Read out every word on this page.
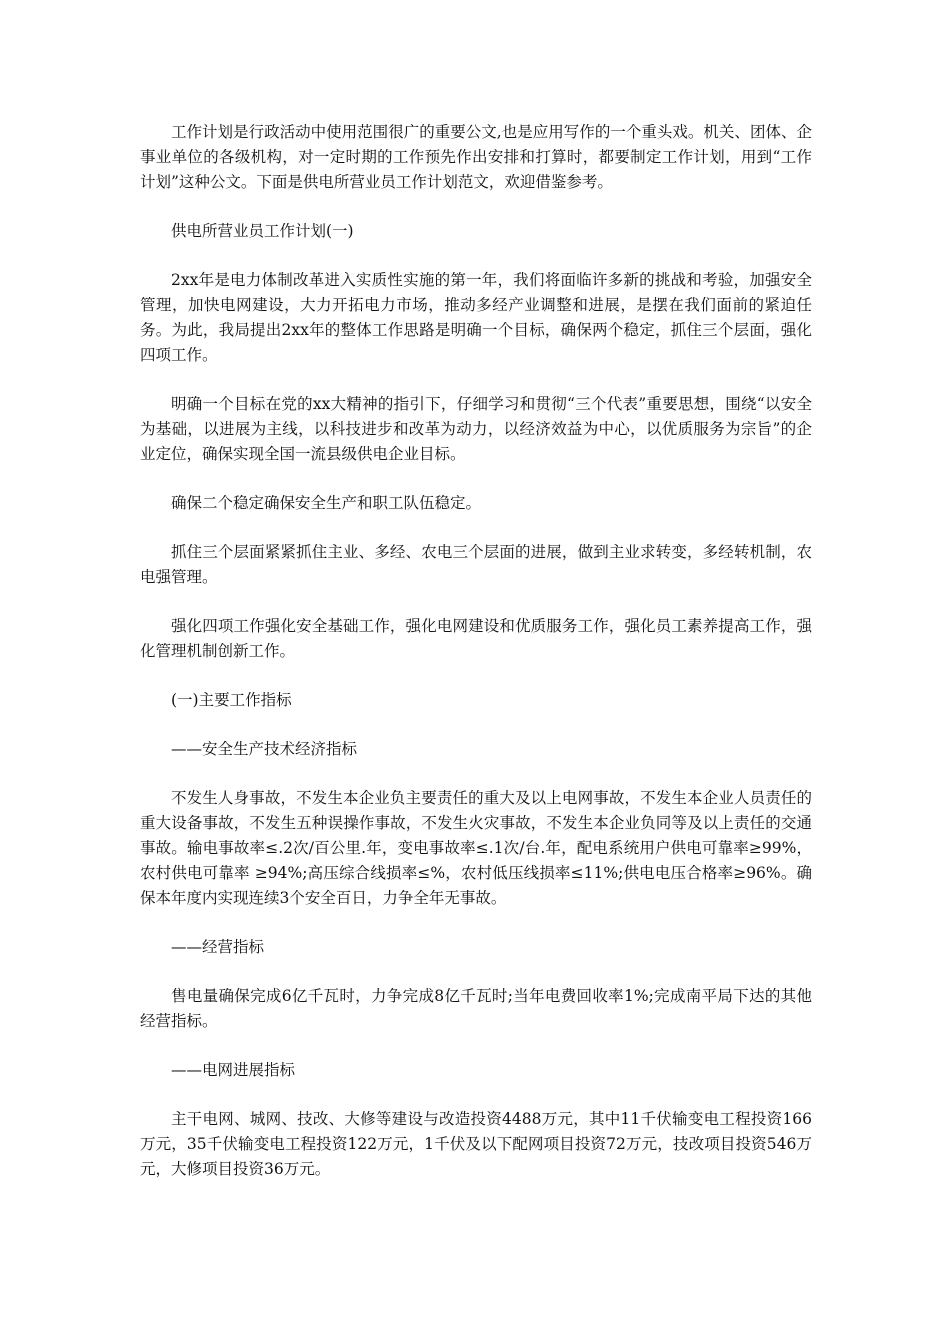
工作计划是行政活动中使用范围很广的重要公文,也是应用写作的一个重头戏。机关、团体、企事业单位的各级机构，对一定时期的工作预先作出安排和打算时，都要制定工作计划，用到“工作计划”这种公文。下面是供电所营业员工作计划范文，欢迎借鉴参考。

供电所营业员工作计划(一)

2xx年是电力体制改革进入实质性实施的第一年，我们将面临许多新的挑战和考验，加强安全管理，加快电网建设，大力开拓电力市场，推动多经产业调整和进展，是摆在我们面前的紧迫任务。为此，我局提出2xx年的整体工作思路是明确一个目标，确保两个稳定，抓住三个层面，强化四项工作。

明确一个目标在党的xx大精神的指引下，仔细学习和贯彻“三个代表”重要思想，围绕“以安全为基础，以进展为主线，以科技进步和改革为动力，以经济效益为中心，以优质服务为宗旨”的企业定位，确保实现全国一流县级供电企业目标。

确保二个稳定确保安全生产和职工队伍稳定。

抓住三个层面紧紧抓住主业、多经、农电三个层面的进展，做到主业求转变，多经转机制，农电强管理。

强化四项工作强化安全基础工作，强化电网建设和优质服务工作，强化员工素养提高工作，强化管理机制创新工作。

(一)主要工作指标

——安全生产技术经济指标

不发生人身事故，不发生本企业负主要责任的重大及以上电网事故，不发生本企业人员责任的重大设备事故，不发生五种误操作事故，不发生火灾事故，不发生本企业负同等及以上责任的交通事故。输电事故率≤.2次/百公里.年，变电事故率≤.1次/台.年，配电系统用户供电可靠率≥99%，农村供电可靠率 ≥94%;高压综合线损率≤%，农村低压线损率≤11%;供电电压合格率≥96%。确保本年度内实现连续3个安全百日，力争全年无事故。

——经营指标

售电量确保完成6亿千瓦时，力争完成8亿千瓦时;当年电费回收率1%;完成南平局下达的其他经营指标。

——电网进展指标

主干电网、城网、技改、大修等建设与改造投资4488万元，其中11千伏输变电工程投资166万元，35千伏输变电工程投资122万元，1千伏及以下配网项目投资72万元，技改项目投资546万元，大修项目投资36万元。
